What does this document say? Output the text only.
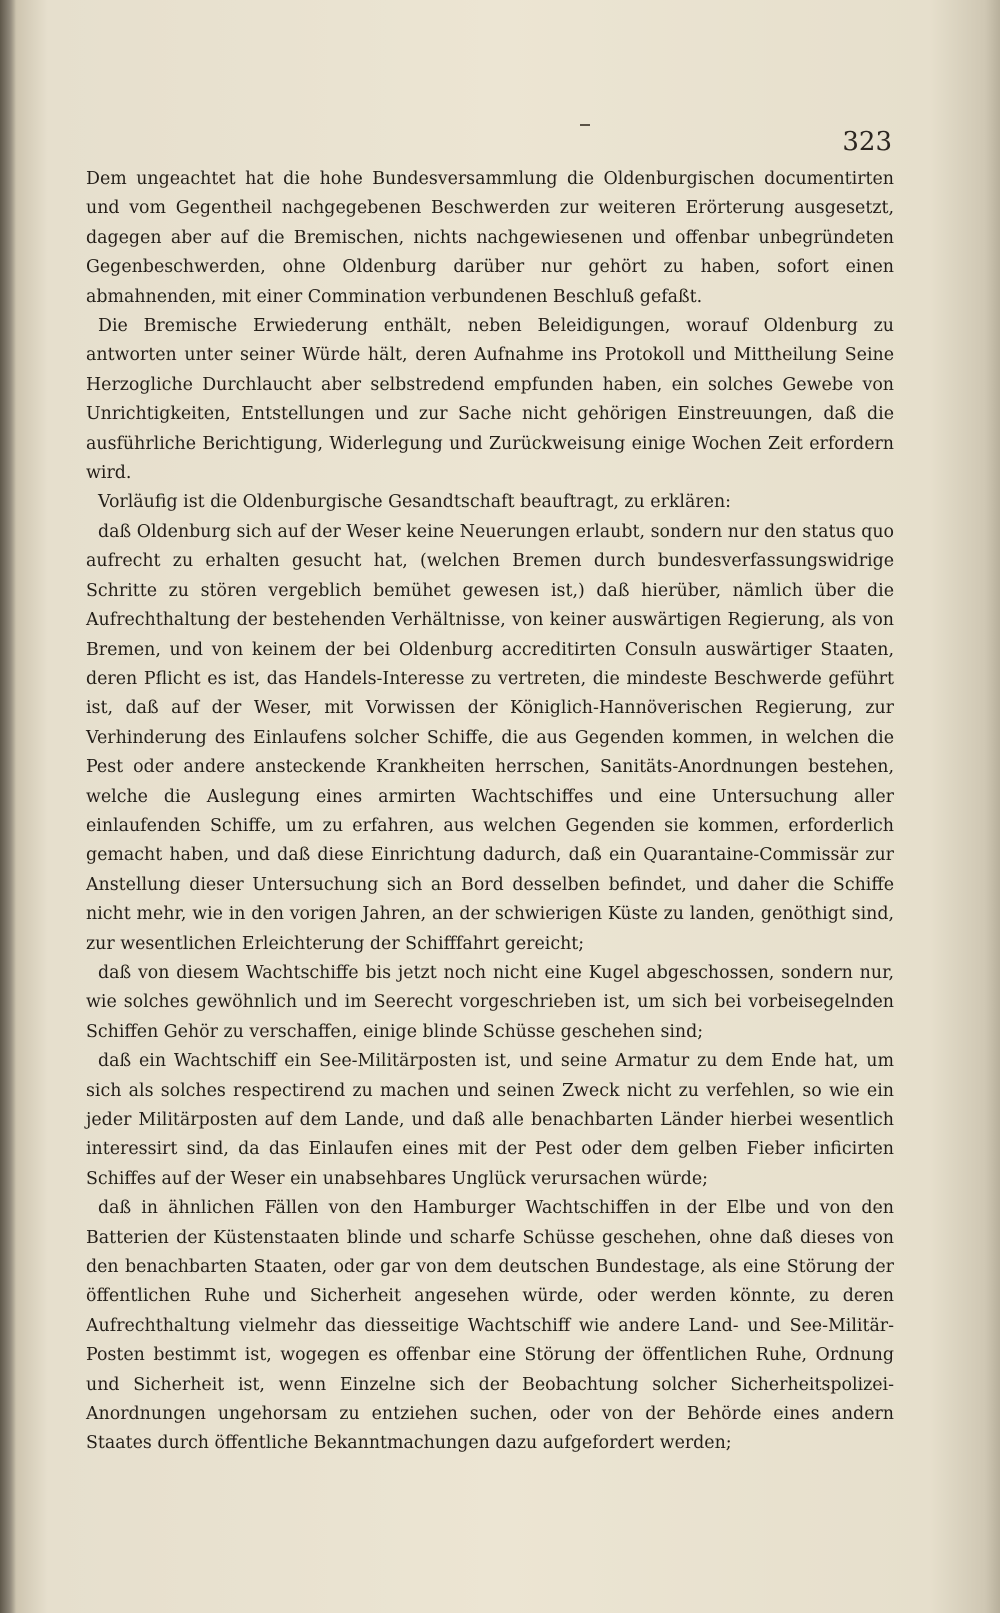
323

Dem ungeachtet hat die hohe Bundesversammlung die Oldenburgischen documentirten und vom Gegentheil nachgegebenen Beschwerden zur weiteren Erörterung ausgesetzt, dagegen aber auf die Bremischen, nichts nachgewiesenen und offenbar unbegründeten Gegenbeschwerden, ohne Oldenburg darüber nur gehört zu haben, sofort einen abmahnenden, mit einer Commination verbundenen Beschluß gefaßt.

Die Bremische Erwiederung enthält, neben Beleidigungen, worauf Oldenburg zu antworten unter seiner Würde hält, deren Aufnahme ins Protokoll und Mittheilung Seine Herzogliche Durchlaucht aber selbstredend empfunden haben, ein solches Gewebe von Unrichtigkeiten, Entstellungen und zur Sache nicht gehörigen Einstreuungen, daß die ausführliche Berichtigung, Widerlegung und Zurückweisung einige Wochen Zeit erfordern wird.

Vorläufig ist die Oldenburgische Gesandtschaft beauftragt, zu erklären:

daß Oldenburg sich auf der Weser keine Neuerungen erlaubt, sondern nur den status quo aufrecht zu erhalten gesucht hat, (welchen Bremen durch bundesverfassungswidrige Schritte zu stören vergeblich bemühet gewesen ist,) daß hierüber, nämlich über die Aufrechthaltung der bestehenden Verhältnisse, von keiner auswärtigen Regierung, als von Bremen, und von keinem der bei Oldenburg accreditirten Consuln auswärtiger Staaten, deren Pflicht es ist, das Handels-Interesse zu vertreten, die mindeste Beschwerde geführt ist, daß auf der Weser, mit Vorwissen der Königlich-Hannöverischen Regierung, zur Verhinderung des Einlaufens solcher Schiffe, die aus Gegenden kommen, in welchen die Pest oder andere ansteckende Krankheiten herrschen, Sanitäts-Anordnungen bestehen, welche die Auslegung eines armirten Wachtschiffes und eine Untersuchung aller einlaufenden Schiffe, um zu erfahren, aus welchen Gegenden sie kommen, erforderlich gemacht haben, und daß diese Einrichtung dadurch, daß ein Quarantaine-Commissär zur Anstellung dieser Untersuchung sich an Bord desselben befindet, und daher die Schiffe nicht mehr, wie in den vorigen Jahren, an der schwierigen Küste zu landen, genöthigt sind, zur wesentlichen Erleichterung der Schifffahrt gereicht;

daß von diesem Wachtschiffe bis jetzt noch nicht eine Kugel abgeschossen, sondern nur, wie solches gewöhnlich und im Seerecht vorgeschrieben ist, um sich bei vorbeisegelnden Schiffen Gehör zu verschaffen, einige blinde Schüsse geschehen sind;

daß ein Wachtschiff ein See-Militärposten ist, und seine Armatur zu dem Ende hat, um sich als solches respectirend zu machen und seinen Zweck nicht zu verfehlen, so wie ein jeder Militärposten auf dem Lande, und daß alle benachbarten Länder hierbei wesentlich interessirt sind, da das Einlaufen eines mit der Pest oder dem gelben Fieber inficirten Schiffes auf der Weser ein unabsehbares Unglück verursachen würde;

daß in ähnlichen Fällen von den Hamburger Wachtschiffen in der Elbe und von den Batterien der Küstenstaaten blinde und scharfe Schüsse geschehen, ohne daß dieses von den benachbarten Staaten, oder gar von dem deutschen Bundestage, als eine Störung der öffentlichen Ruhe und Sicherheit angesehen würde, oder werden könnte, zu deren Aufrechthaltung vielmehr das diesseitige Wachtschiff wie andere Land- und See-Militär-Posten bestimmt ist, wogegen es offenbar eine Störung der öffentlichen Ruhe, Ordnung und Sicherheit ist, wenn Einzelne sich der Beobachtung solcher Sicherheitspolizei-Anordnungen ungehorsam zu entziehen suchen, oder von der Behörde eines andern Staates durch öffentliche Bekanntmachungen dazu aufgefordert werden;
